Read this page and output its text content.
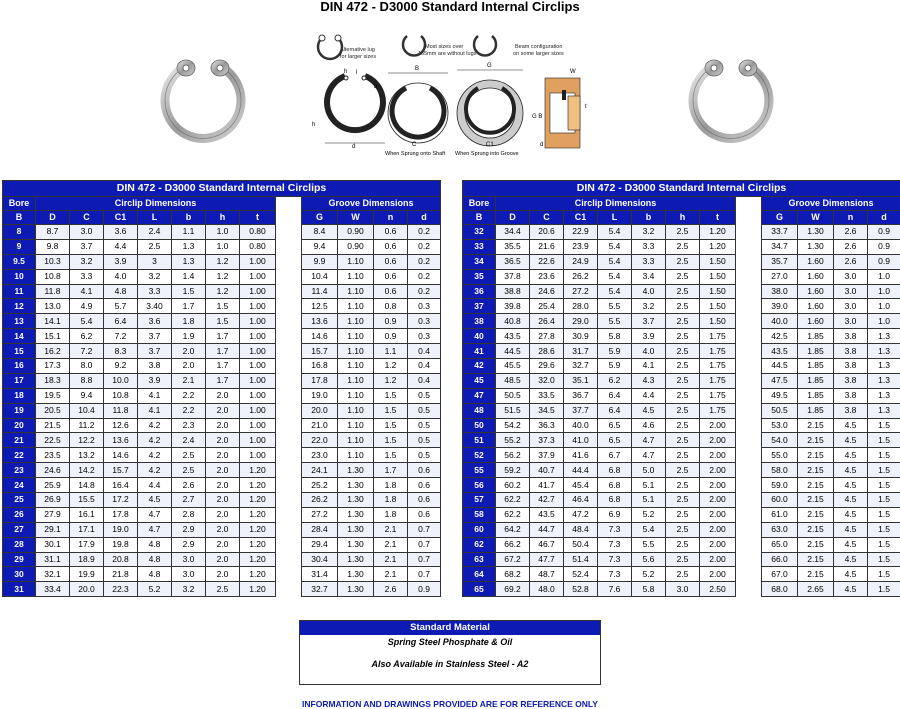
DIN 472 - D3000 Standard Internal Circlips
Alternative lug
for larger sizes
Most sizes over
165mm are without lugs
Beam configuration
on some larger sizes
d
h l
b
h
B
C
When Sprung onto Shaft
G
C1
When Sprung into Groove
W
t
G B
d
DIN 472 - D3000 Standard Internal Circlips												
Bore	Circlip Dimensions								Groove Dimensions			
B	D	C	C1	L	b	h	t		G	W	n	d
8	8.7	3.0	3.6	2.4	1.1	1.0	0.80		8.4	0.90	0.6	0.2
9	9.8	3.7	4.4	2.5	1.3	1.0	0.80		9.4	0.90	0.6	0.2
9.5	10.3	3.2	3.9	3	1.3	1.2	1.00		9.9	1.10	0.6	0.2
10	10.8	3.3	4.0	3.2	1.4	1.2	1.00		10.4	1.10	0.6	0.2
11	11.8	4.1	4.8	3.3	1.5	1.2	1.00		11.4	1.10	0.6	0.2
12	13.0	4.9	5.7	3.40	1.7	1.5	1.00		12.5	1.10	0.8	0.3
13	14.1	5.4	6.4	3.6	1.8	1.5	1.00		13.6	1.10	0.9	0.3
14	15.1	6.2	7.2	3.7	1.9	1.7	1.00		14.6	1.10	0.9	0.3
15	16.2	7.2	8.3	3.7	2.0	1.7	1.00		15.7	1.10	1.1	0.4
16	17.3	8.0	9.2	3.8	2.0	1.7	1.00		16.8	1.10	1.2	0.4
17	18.3	8.8	10.0	3.9	2.1	1.7	1.00		17.8	1.10	1.2	0.4
18	19.5	9.4	10.8	4.1	2.2	2.0	1.00		19.0	1.10	1.5	0.5
19	20.5	10.4	11.8	4.1	2.2	2.0	1.00		20.0	1.10	1.5	0.5
20	21.5	11.2	12.6	4.2	2.3	2.0	1.00		21.0	1.10	1.5	0.5
21	22.5	12.2	13.6	4.2	2.4	2.0	1.00		22.0	1.10	1.5	0.5
22	23.5	13.2	14.6	4.2	2.5	2.0	1.00		23.0	1.10	1.5	0.5
23	24.6	14.2	15.7	4.2	2.5	2.0	1.20		24.1	1.30	1.7	0.6
24	25.9	14.8	16.4	4.4	2.6	2.0	1.20		25.2	1.30	1.8	0.6
25	26.9	15.5	17.2	4.5	2.7	2.0	1.20		26.2	1.30	1.8	0.6
26	27.9	16.1	17.8	4.7	2.8	2.0	1.20		27.2	1.30	1.8	0.6
27	29.1	17.1	19.0	4.7	2.9	2.0	1.20		28.4	1.30	2.1	0.7
28	30.1	17.9	19.8	4.8	2.9	2.0	1.20		29.4	1.30	2.1	0.7
29	31.1	18.9	20.8	4.8	3.0	2.0	1.20		30.4	1.30	2.1	0.7
30	32.1	19.9	21.8	4.8	3.0	2.0	1.20		31.4	1.30	2.1	0.7
31	33.4	20.0	22.3	5.2	3.2	2.5	1.20		32.7	1.30	2.6	0.9
DIN 472 - D3000 Standard Internal Circlips												
Bore	Circlip Dimensions								Groove Dimensions			
B	D	C	C1	L	b	h	t		G	W	n	d
32	34.4	20.6	22.9	5.4	3.2	2.5	1.20		33.7	1.30	2.6	0.9
33	35.5	21.6	23.9	5.4	3.3	2.5	1.20		34.7	1.30	2.6	0.9
34	36.5	22.6	24.9	5.4	3.3	2.5	1.50		35.7	1.60	2.6	0.9
35	37.8	23.6	26.2	5.4	3.4	2.5	1.50		27.0	1.60	3.0	1.0
36	38.8	24.6	27.2	5.4	4.0	2.5	1.50		38.0	1.60	3.0	1.0
37	39.8	25.4	28.0	5.5	3.2	2.5	1.50		39.0	1.60	3.0	1.0
38	40.8	26.4	29.0	5.5	3.7	2.5	1.50		40.0	1.60	3.0	1.0
40	43.5	27.8	30.9	5.8	3.9	2.5	1.75		42.5	1.85	3.8	1.3
41	44.5	28.6	31.7	5.9	4.0	2.5	1.75		43.5	1.85	3.8	1.3
42	45.5	29.6	32.7	5.9	4.1	2.5	1.75		44.5	1.85	3.8	1.3
45	48.5	32.0	35.1	6.2	4.3	2.5	1.75		47.5	1.85	3.8	1.3
47	50.5	33.5	36.7	6.4	4.4	2.5	1.75		49.5	1.85	3.8	1.3
48	51.5	34.5	37.7	6.4	4.5	2.5	1.75		50.5	1.85	3.8	1.3
50	54.2	36.3	40.0	6.5	4.6	2.5	2.00		53.0	2.15	4.5	1.5
51	55.2	37.3	41.0	6.5	4.7	2.5	2.00		54.0	2.15	4.5	1.5
52	56.2	37.9	41.6	6.7	4.7	2.5	2.00		55.0	2.15	4.5	1.5
55	59.2	40.7	44.4	6.8	5.0	2.5	2.00		58.0	2.15	4.5	1.5
56	60.2	41.7	45.4	6.8	5.1	2.5	2.00		59.0	2.15	4.5	1.5
57	62.2	42.7	46.4	6.8	5.1	2.5	2.00		60.0	2.15	4.5	1.5
58	62.2	43.5	47.2	6.9	5.2	2.5	2.00		61.0	2.15	4.5	1.5
60	64.2	44.7	48.4	7.3	5.4	2.5	2.00		63.0	2.15	4.5	1.5
62	66.2	46.7	50.4	7.3	5.5	2.5	2.00		65.0	2.15	4.5	1.5
63	67.2	47.7	51.4	7.3	5.6	2.5	2.00		66.0	2.15	4.5	1.5
64	68.2	48.7	52.4	7.3	5.2	2.5	2.00		67.0	2.15	4.5	1.5
65	69.2	48.0	52.8	7.6	5.8	3.0	2.50		68.0	2.65	4.5	1.5
Standard Material
Spring Steel Phosphate & Oil
Also Available in Stainless Steel - A2
INFORMATION AND DRAWINGS PROVIDED ARE FOR REFERENCE ONLY
